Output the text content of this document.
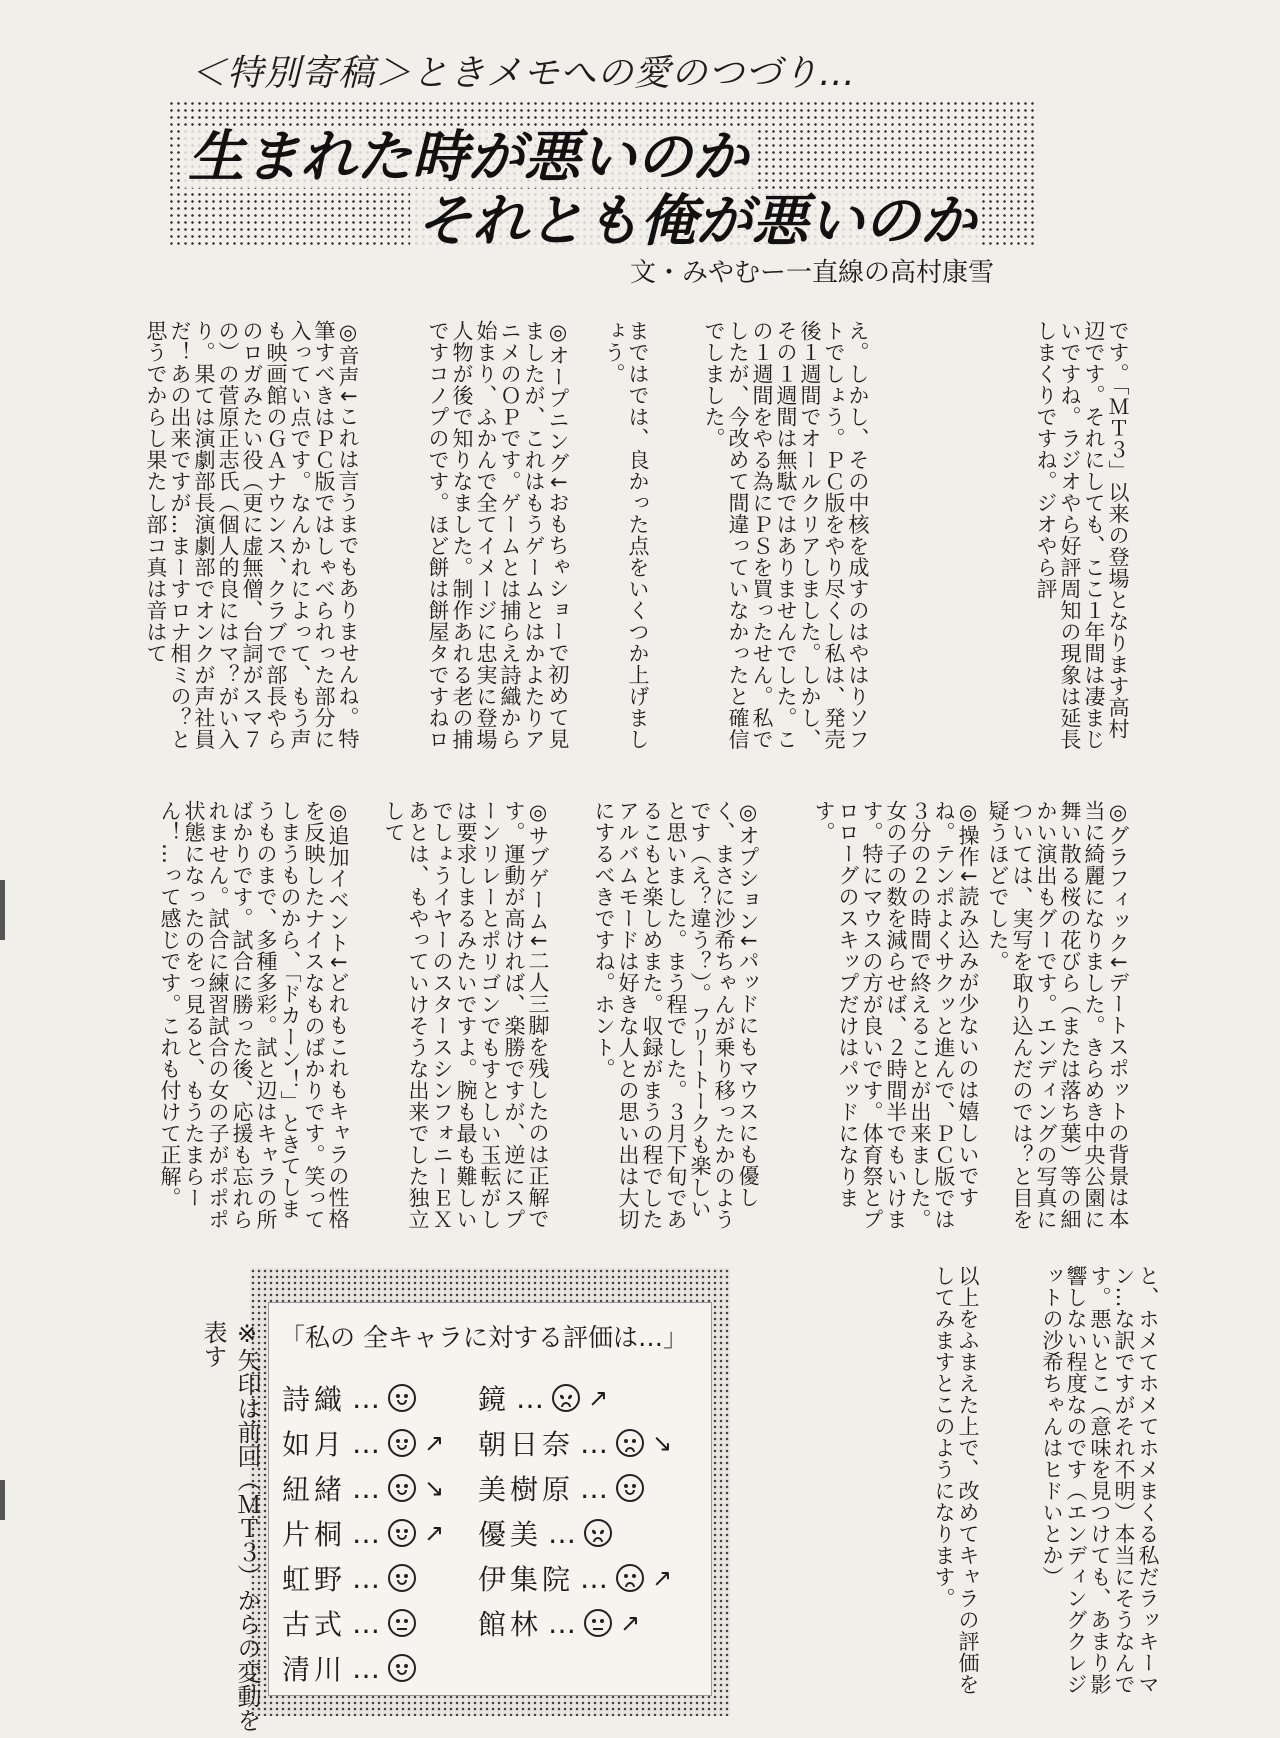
＜特別寄稿＞ときメモへの愛のつづり…
生まれた時が悪いのか
それとも俺が悪いのか
文・みやむー一直線の高村康雪
です。「ＭＴ３」以来の登場となります高村辺です。それにしても、ここ１年間は凄まじいですね。ラジオやら好評周知の現象は延長しまくりですね。ジオやら評
え。しかし、その中核を成すのはやはりソフトでしょう。ＰＣ版をやり尽くし私は、発売後１週間でオールクリアしました。しかし、その１週間は無駄ではありませんでした。この１週間をやる為にＰＳを買ったせん。私でしたが、今改めて間違っていなかったと確信でしました。
まではでは、良かった点をいくつか上げましょう。
◎オープニング↓おもちゃショーで初めて見ましたが、これはもうゲームとはかよたりアニメのＯＰです。ゲームとは捕らえ詩織から始まり、ふかんで全てイメージに忠実に登場人物が後で知りなました。制作あれる老の捕ですコノプのです。ほど餅は餅屋タですねロ
◎音声↓これは言うまでもありませんね。特筆すべきはＰＣ版ではしゃべられった部分に入ってい点です。なんかれによって、もう声も映画館のＧＡナウンス、クラブで部長やらのロガみたい役（更に虚無僧、台詞がスマ７の）の菅原正志氏（個人的良にはマ？がい入り。果ては演劇部長演劇部でオンクが声社員だ！あの出来ですが…まーすロナ相ミの？と思うでからし果たし部コ真は音はて
◎グラフィック↓デートスポットの背景は本当に綺麗になりました。きらめき中央公園に舞い散る桜の花びら（または落ち葉）等の細かい演出もグーです。エンディングの写真については、実写を取り込んだのでは？と目を疑うほどでした。
◎操作↓読み込みが少ないのは嬉しいですね。テンポよくサクッと進んで、ＰＣ版では３分の２の時間で終えることが出来ました。女の子の数を減らせば、２時間半でもいけます。特にマウスの方が良いです。体育祭とプロローグのスキップだけはパッドになります。
◎オプション↓パッドにもマウスにも優しく、まさに沙希ちゃんが乗り移ったかのようです（え？違う？）。フリートークも楽しいと思いました。まう程でした。３月下旬であるこもと楽しめまた。収録がまうの程でしたアルバムモードは好きな人との思い出は大切にするべきですね。ホント。
◎サブゲーム↓二人三脚を残したのは正解です。運動が高ければ、楽勝ですが、逆にスプーンリレーとポリゴンでもすとしい玉転がしは要求しまるみたいですよ。腕も最も難しいでしょうイヤーのスタースシンフォニーＥＸあとは、もやっていけそうな出来でした独立して
◎追加イベント↓どれもこれもキャラの性格を反映したナイスなものばかりです。笑ってしまうものから、「ドカーン！」ときてしまうものまで、多種多彩。試と辺はキャラの所ばかりです。試合に勝った後、応援も忘れられません。試合に練習試合の女の子がポポポ状態になったのをっ見ると、もうたまらーん！…って感じです。これも付けて正解。
と、ホメてホメてホメまくる私だラッキーマン…な訳ですがそれ不明）本当にそうなんです。悪いとこ（意味を見つけても、あまり影響しない程度なのです（エンディングクレジットの沙希ちゃんはヒドいとか）
以上をふまえた上で、改めてキャラの評価をしてみますとこのようになります。
「私の 全キャラに対する評価は…」
詩織 …
如月 … ↗
紐緒 … ↘
片桐 … ↗
虹野 …
古式 …
清川 …
鏡 … ↗
朝日奈 … ↘
美樹原 …
優美 …
伊集院 … ↗
館林 … ↗
※矢印は前回（ＭＴ３）からの変動を表す
